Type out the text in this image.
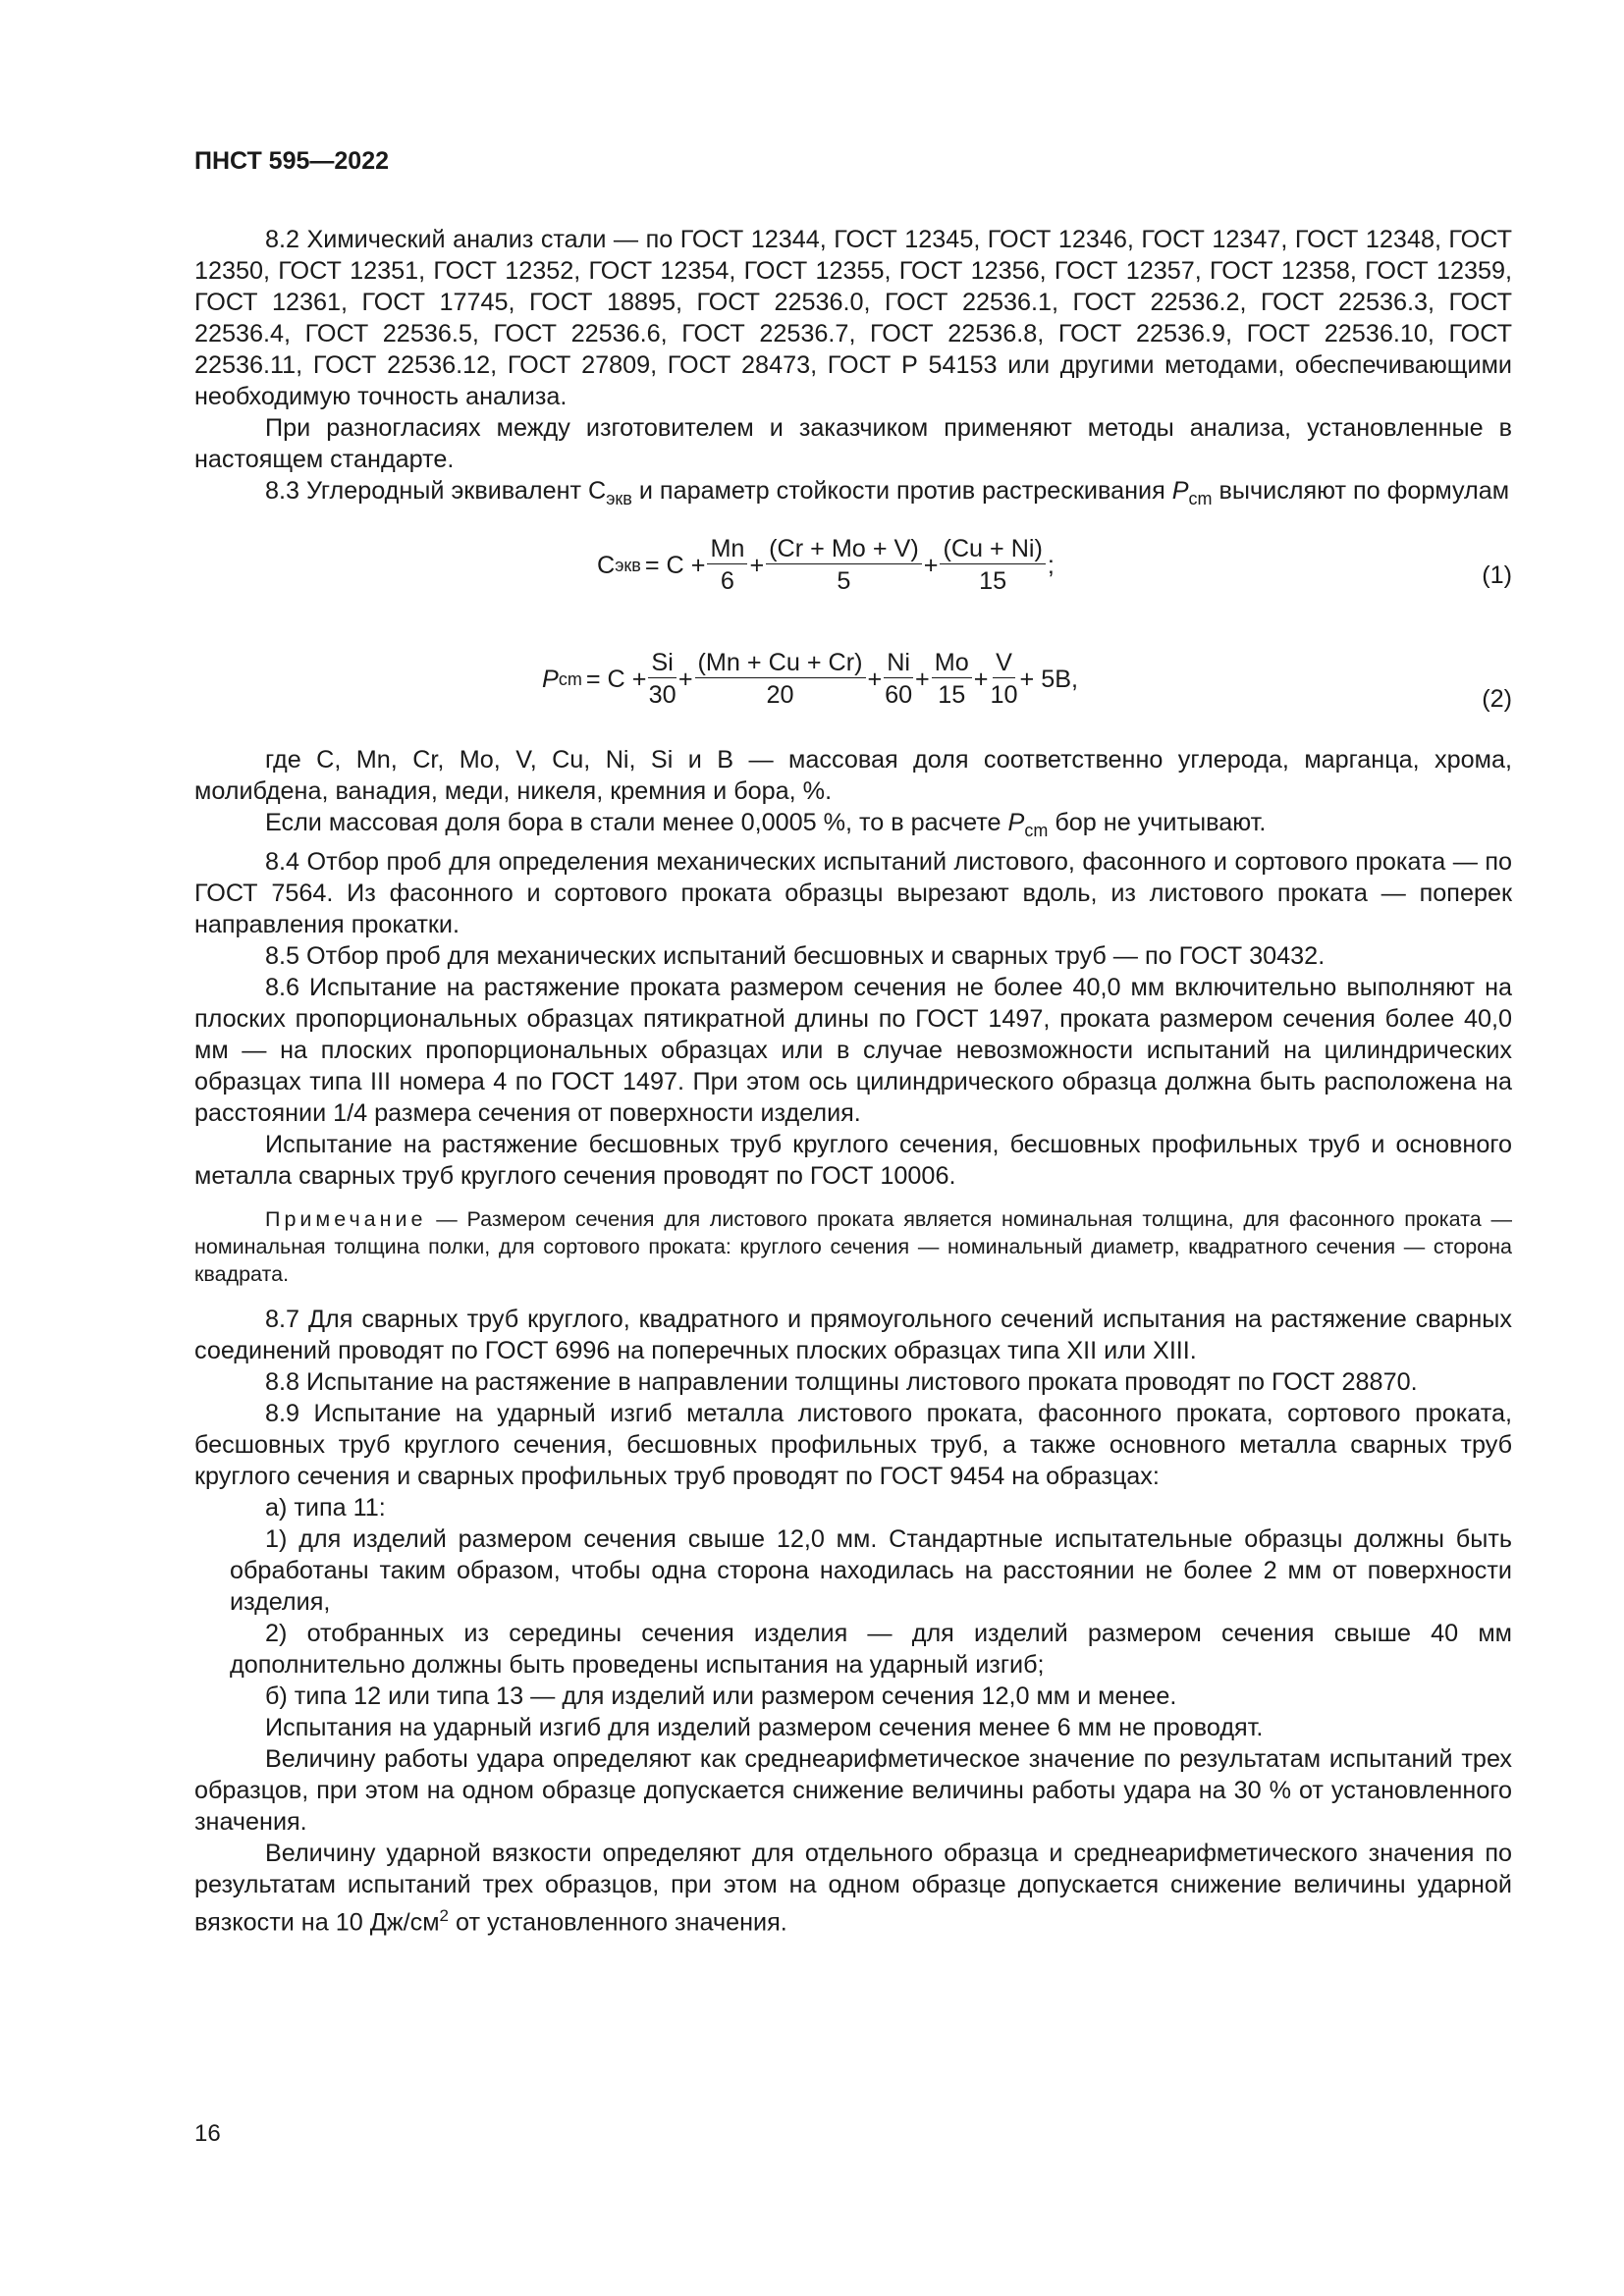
ПНСТ 595—2022

8.2 Химический анализ стали — по ГОСТ 12344, ГОСТ 12345, ГОСТ 12346, ГОСТ 12347, ГОСТ 12348, ГОСТ 12350, ГОСТ 12351, ГОСТ 12352, ГОСТ 12354, ГОСТ 12355, ГОСТ 12356, ГОСТ 12357, ГОСТ 12358, ГОСТ 12359, ГОСТ 12361, ГОСТ 17745, ГОСТ 18895, ГОСТ 22536.0, ГОСТ 22536.1, ГОСТ 22536.2, ГОСТ 22536.3, ГОСТ 22536.4, ГОСТ 22536.5, ГОСТ 22536.6, ГОСТ 22536.7, ГОСТ 22536.8, ГОСТ 22536.9, ГОСТ 22536.10, ГОСТ 22536.11, ГОСТ 22536.12, ГОСТ 27809, ГОСТ 28473, ГОСТ Р 54153 или другими методами, обеспечивающими необходимую точность анализа.

При разногласиях между изготовителем и заказчиком применяют методы анализа, установленные в настоящем стандарте.

8.3 Углеродный эквивалент $С_{экв}$ и параметр стойкости против растрескивания $P_{cm}$ вычисляют по формулам

С экв = $С + \frac{Mn}{6} + \frac{(Cr + Mo + V)}{5} + \frac{(Cu + Ni)}{15}$ ;	(1)
P cm = $С + \frac{Si}{30} + \frac{(Mn + Cu + Cr)}{20} + \frac{Ni}{60} + \frac{Mo}{15} + \frac{V}{10} + 5B$,
(2)

где С, Mn, Cr, Mo, V, Cu, Ni, Si и B — массовая доля соответственно углерода, марганца, хрома, молибдена, ванадия, меди, никеля, кремния и бора, %.

Если массовая доля бора в стали менее 0,0005 %, то в расчете $P_{cm}$ бор не учитывают.

8.4 Отбор проб для определения механических испытаний листового, фасонного и сортового проката — по ГОСТ 7564. Из фасонного и сортового проката образцы вырезают вдоль, из листового проката — поперек направления прокатки.

8.5 Отбор проб для механических испытаний бесшовных и сварных труб — по ГОСТ 30432.

8.6 Испытание на растяжение проката размером сечения не более 40,0 мм включительно выполняют на плоских пропорциональных образцах пятикратной длины по ГОСТ 1497, проката размером сечения более 40,0 мм — на плоских пропорциональных образцах или в случае невозможности испытаний на цилиндрических образцах типа III номера 4 по ГОСТ 1497. При этом ось цилиндрического образца должна быть расположена на расстоянии 1/4 размера сечения от поверхности изделия.

Испытание на растяжение бесшовных труб круглого сечения, бесшовных профильных труб и основного металла сварных труб круглого сечения проводят по ГОСТ 10006.

Примечание — Размером сечения для листового проката является номинальная толщина, для фасонного проката — номинальная толщина полки, для сортового проката: круглого сечения — номинальный диаметр, квадратного сечения — сторона квадрата.

8.7 Для сварных труб круглого, квадратного и прямоугольного сечений испытания на растяжение сварных соединений проводят по ГОСТ 6996 на поперечных плоских образцах типа XII или XIII.

8.8 Испытание на растяжение в направлении толщины листового проката проводят по ГОСТ 28870.

8.9 Испытание на ударный изгиб металла листового проката, фасонного проката, сортового проката, бесшовных труб круглого сечения, бесшовных профильных труб, а также основного металла сварных труб круглого сечения и сварных профильных труб проводят по ГОСТ 9454 на образцах:

а) типа 11:

1) для изделий размером сечения свыше 12,0 мм. Стандартные испытательные образцы должны быть обработаны таким образом, чтобы одна сторона находилась на расстоянии не более 2 мм от поверхности изделия,

2) отобранных из середины сечения изделия — для изделий размером сечения свыше 40 мм дополнительно должны быть проведены испытания на ударный изгиб;

б) типа 12 или типа 13 — для изделий или размером сечения 12,0 мм и менее.

Испытания на ударный изгиб для изделий размером сечения менее 6 мм не проводят.

Величину работы удара определяют как среднеарифметическое значение по результатам испытаний трех образцов, при этом на одном образце допускается снижение величины работы удара на 30 % от установленного значения.

Величину ударной вязкости определяют для отдельного образца и среднеарифметического значения по результатам испытаний трех образцов, при этом на одном образце допускается снижение величины ударной вязкости на 10 $Дж/см^2$ от установленного значения.

16
